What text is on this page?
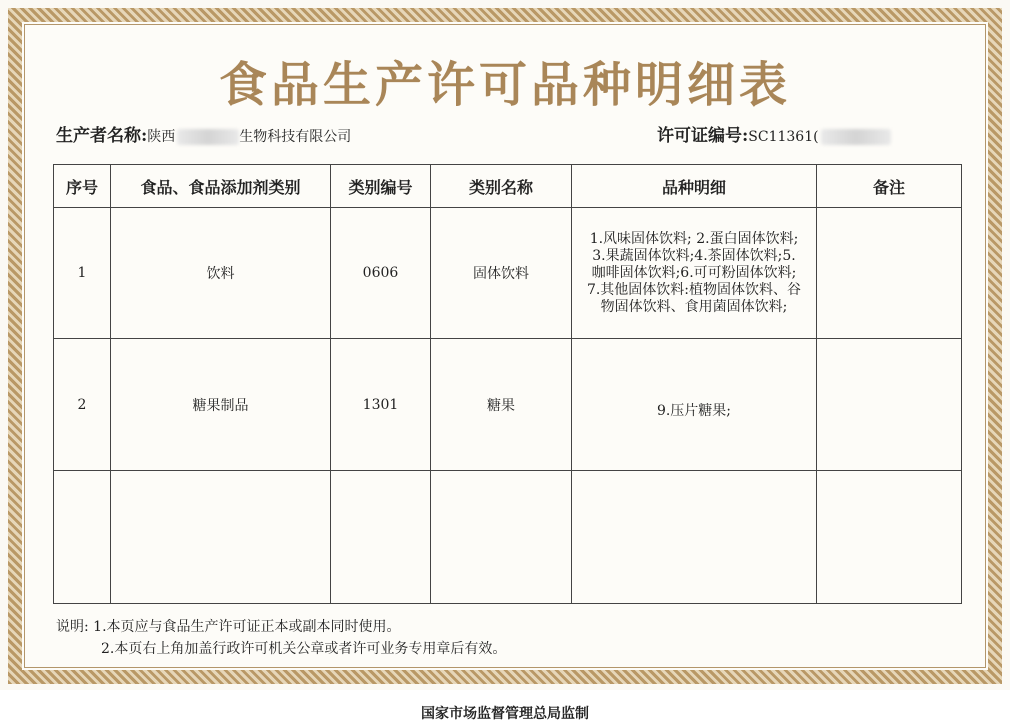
食品生产许可品种明细表
生产者名称:陕西	生物科技有限公司	许可证编号:SC11361(
序号	食品、食品添加剂类别	类别编号	类别名称	品种明细	备注
1	饮料	0606	固体饮料	1.风味固体饮料; 2.蛋白固体饮料;
3.果蔬固体饮料;4.茶固体饮料;5.
咖啡固体饮料;6.可可粉固体饮料;
7.其他固体饮料:植物固体饮料、谷
物固体饮料、食用菌固体饮料;	

2	糖果制品	1301	糖果	9.压片糖果;	

说明: 1.本页应与食品生产许可证正本或副本同时使用。
2.本页右上角加盖行政许可机关公章或者许可业务专用章后有效。
国家市场监督管理总局监制
